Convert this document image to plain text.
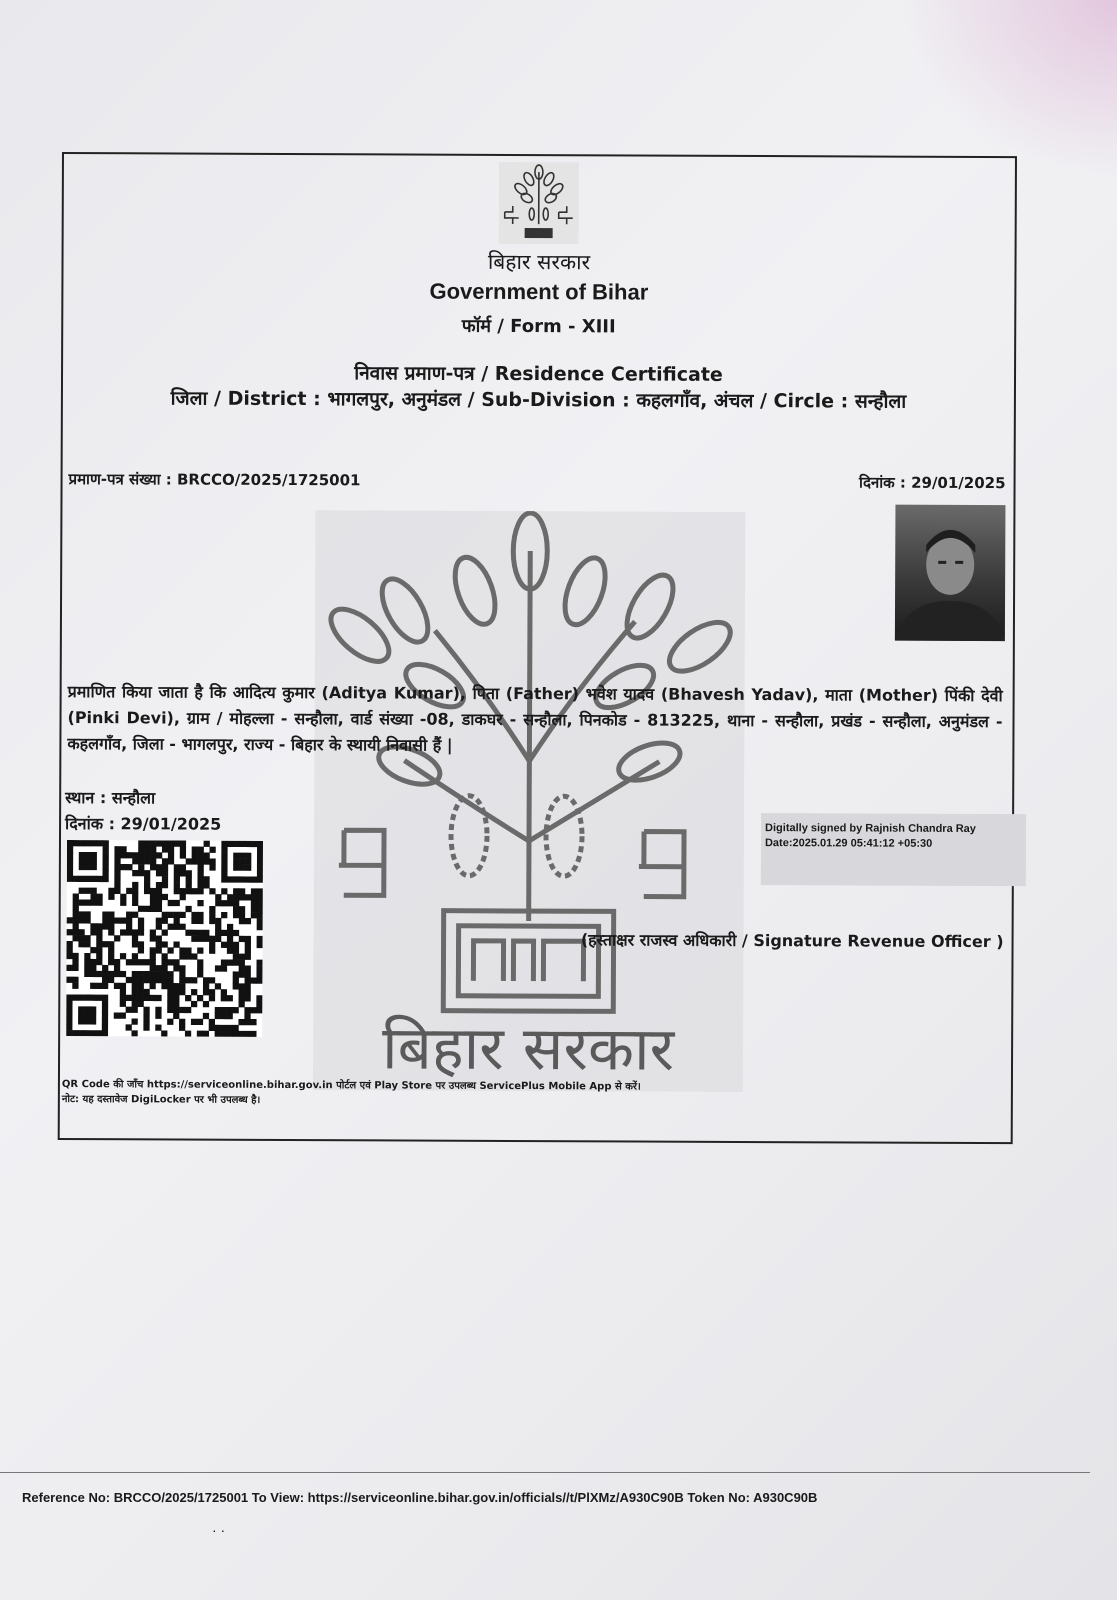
बिहार सरकार
Government of Bihar
फॉर्म / Form - XIII
निवास प्रमाण-पत्र / Residence Certificate
जिला / District : भागलपुर, अनुमंडल / Sub-Division : कहलगाँव, अंचल / Circle : सन्हौला
प्रमाण-पत्र संख्या : BRCCO/2025/1725001	दिनांक : 29/01/2025
बिहार सरकार
प्रमाणित किया जाता है कि आदित्य कुमार (Aditya Kumar), पिता (Father) भवेश यादव (Bhavesh Yadav), माता (Mother) पिंकी देवी (Pinki Devi), ग्राम / मोहल्ला - सन्हौला, वार्ड संख्या -08, डाकघर - सन्हौला, पिनकोड - 813225, थाना - सन्हौला, प्रखंड - सन्हौला, अनुमंडल - कहलगाँव, जिला - भागलपुर, राज्य - बिहार के स्थायी निवासी हैं |
स्थान : सन्हौला
दिनांक : 29/01/2025	Digitally signed by Rajnish Chandra Ray
Date:2025.01.29 05:41:12 +05:30
(हस्ताक्षर राजस्व अधिकारी / Signature Revenue Officer )
QR Code की जाँच https://serviceonline.bihar.gov.in पोर्टल एवं Play Store पर उपलब्ध ServicePlus Mobile App से करें।
नोट: यह दस्तावेज DigiLocker पर भी उपलब्ध है।
Reference No: BRCCO/2025/1725001 To View: https://serviceonline.bihar.gov.in/officials//t/PlXMz/A930C90B Token No: A930C90B
· ·
